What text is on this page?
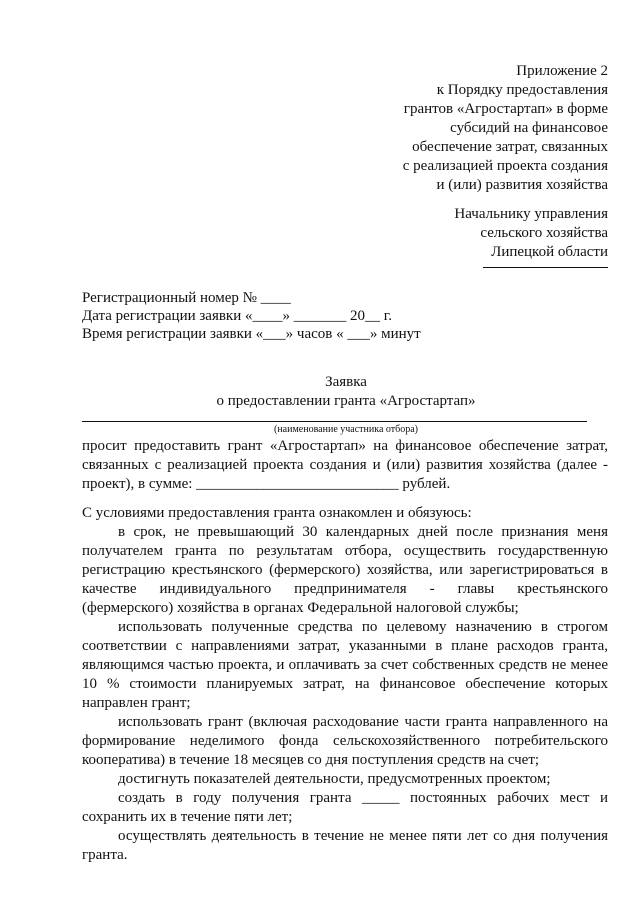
Приложение 2
к Порядку предоставления
грантов «Агростартап» в форме
субсидий на финансовое
обеспечение затрат, связанных
с реализацией проекта создания
и (или) развития хозяйства
Начальнику управления
сельского хозяйства
Липецкой области
Регистрационный номер № ____
Дата регистрации заявки «____» _______ 20__ г.
Время регистрации заявки «___» часов « ___» минут
Заявка
о предоставлении гранта «Агростартап»
(наименование участника отбора)
просит предоставить грант «Агростартап» на финансовое обеспечение затрат,
связанных с реализацией проекта создания и (или) развития хозяйства (далее -
проект), в сумме: ___________________________ рублей.
С условиями предоставления гранта ознакомлен и обязуюсь:
в срок, не превышающий 30 календарных дней после признания меня
получателем гранта по результатам отбора, осуществить государственную
регистрацию крестьянского (фермерского) хозяйства, или зарегистрироваться в
качестве индивидуального предпринимателя - главы крестьянского
(фермерского) хозяйства в органах Федеральной налоговой службы;
использовать полученные средства по целевому назначению в строгом
соответствии с направлениями затрат, указанными в плане расходов гранта,
являющимся частью проекта, и оплачивать за счет собственных средств не менее
10 % стоимости планируемых затрат, на финансовое обеспечение которых
направлен грант;
использовать грант (включая расходование части гранта направленного на
формирование неделимого фонда сельскохозяйственного потребительского
кооператива) в течение 18 месяцев со дня поступления средств на счет;
достигнуть показателей деятельности, предусмотренных проектом;
создать в году получения гранта _____ постоянных рабочих мест и
сохранить их в течение пяти лет;
осуществлять деятельность в течение не менее пяти лет со дня получения
гранта.
